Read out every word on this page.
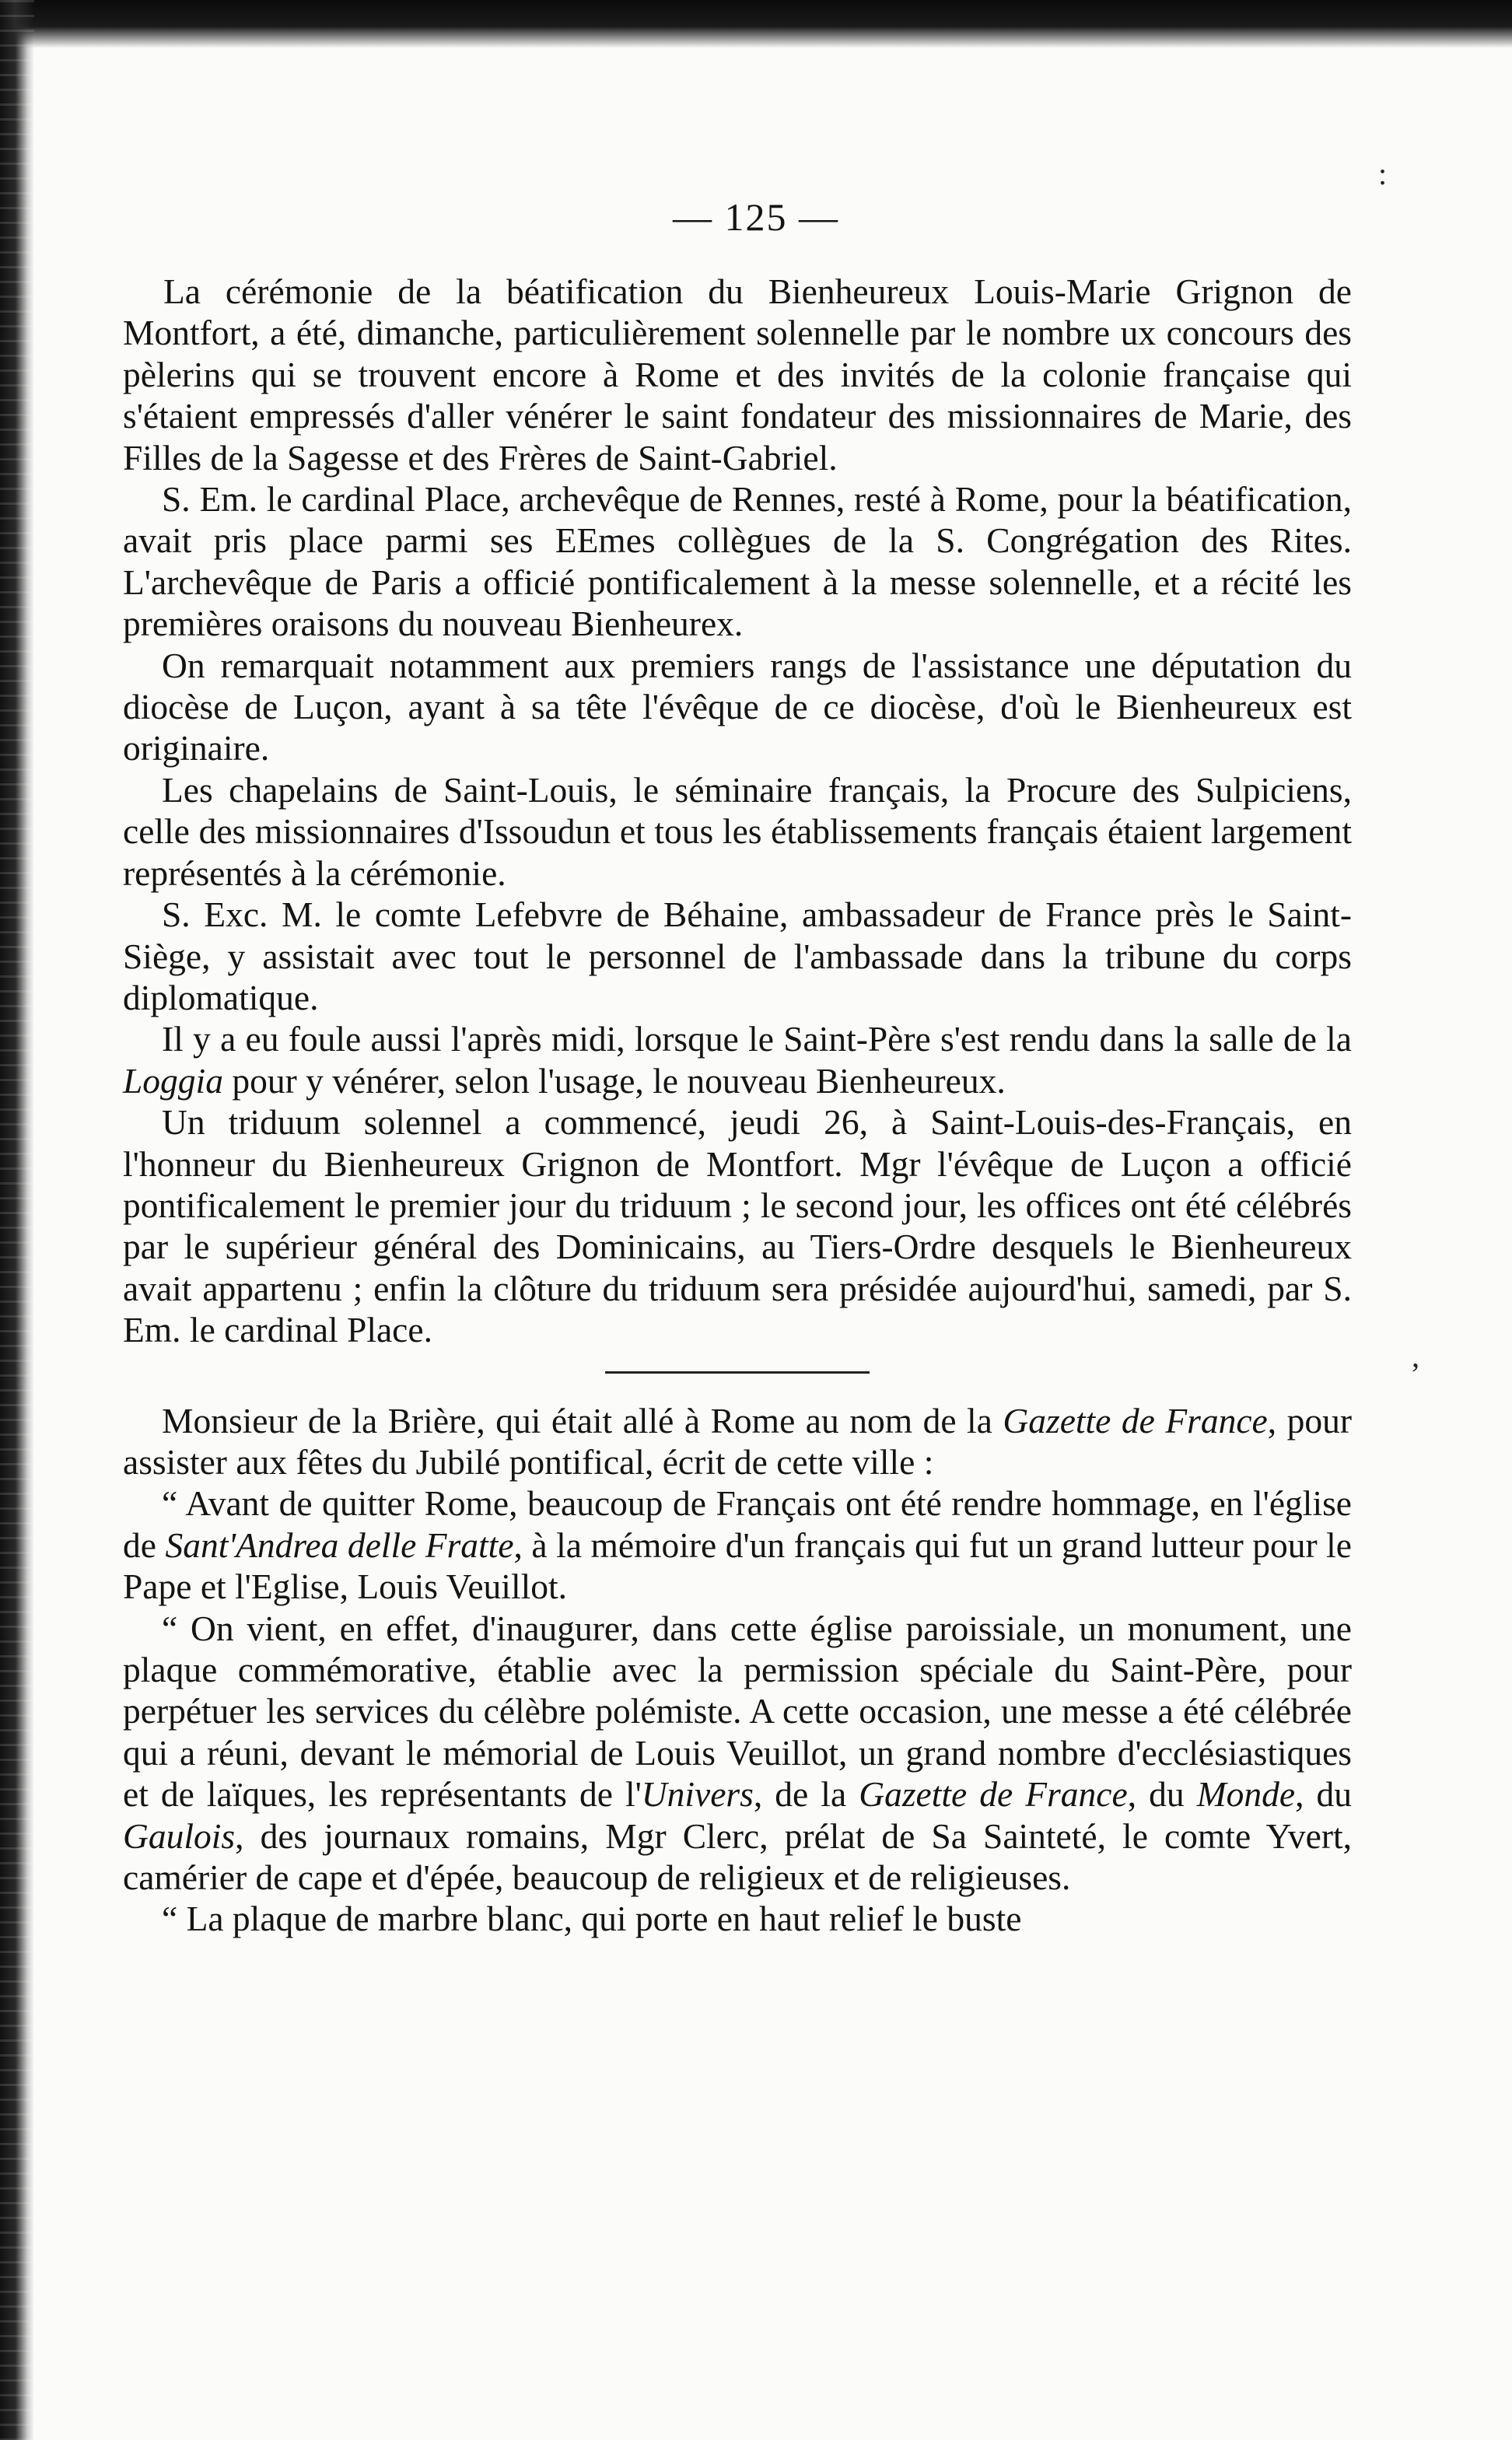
— 125 —

La cérémonie de la béatification du Bienheureux Louis-Marie Grignon de Montfort, a été, dimanche, particulièrement solennelle par le nombre ux concours des pèlerins qui se trouvent encore à Rome et des invités de la colonie française qui s'étaient empressés d'aller vénérer le saint fondateur des missionnaires de Marie, des Filles de la Sagesse et des Frères de Saint-Gabriel.

S. Em. le cardinal Place, archevêque de Rennes, resté à Rome, pour la béatification, avait pris place parmi ses EEmes collègues de la S. Congrégation des Rites. L'archevêque de Paris a officié pontificalement à la messe solennelle, et a récité les premières oraisons du nouveau Bienheurex.

On remarquait notamment aux premiers rangs de l'assistance une députation du diocèse de Luçon, ayant à sa tête l'évêque de ce diocèse, d'où le Bienheureux est originaire.

Les chapelains de Saint-Louis, le séminaire français, la Procure des Sulpiciens, celle des missionnaires d'Issoudun et tous les établissements français étaient largement représentés à la cérémonie.

S. Exc. M. le comte Lefebvre de Béhaine, ambassadeur de France près le Saint-Siège, y assistait avec tout le personnel de l'ambassade dans la tribune du corps diplomatique.

Il y a eu foule aussi l'après midi, lorsque le Saint-Père s'est rendu dans la salle de la Loggia pour y vénérer, selon l'usage, le nouveau Bienheureux.

Un triduum solennel a commencé, jeudi 26, à Saint-Louis-des-Français, en l'honneur du Bienheureux Grignon de Montfort. Mgr l'évêque de Luçon a officié pontificalement le premier jour du triduum ; le second jour, les offices ont été célébrés par le supérieur général des Dominicains, au Tiers-Ordre desquels le Bienheureux avait appartenu ; enfin la clôture du triduum sera présidée aujourd'hui, samedi, par S. Em. le cardinal Place.

Monsieur de la Brière, qui était allé à Rome au nom de la Gazette de France, pour assister aux fêtes du Jubilé pontifical, écrit de cette ville :

“ Avant de quitter Rome, beaucoup de Français ont été rendre hommage, en l'église de Sant'Andrea delle Fratte, à la mémoire d'un français qui fut un grand lutteur pour le Pape et l'Eglise, Louis Veuillot.

“ On vient, en effet, d'inaugurer, dans cette église paroissiale, un monument, une plaque commémorative, établie avec la permission spéciale du Saint-Père, pour perpétuer les services du célèbre polémiste. A cette occasion, une messe a été célébrée qui a réuni, devant le mémorial de Louis Veuillot, un grand nombre d'ecclésiastiques et de laïques, les représentants de l'Univers, de la Gazette de France, du Monde, du Gaulois, des journaux romains, Mgr Clerc, prélat de Sa Sainteté, le comte Yvert, camérier de cape et d'épée, beaucoup de religieux et de religieuses.

“ La plaque de marbre blanc, qui porte en haut relief le buste

:
,
